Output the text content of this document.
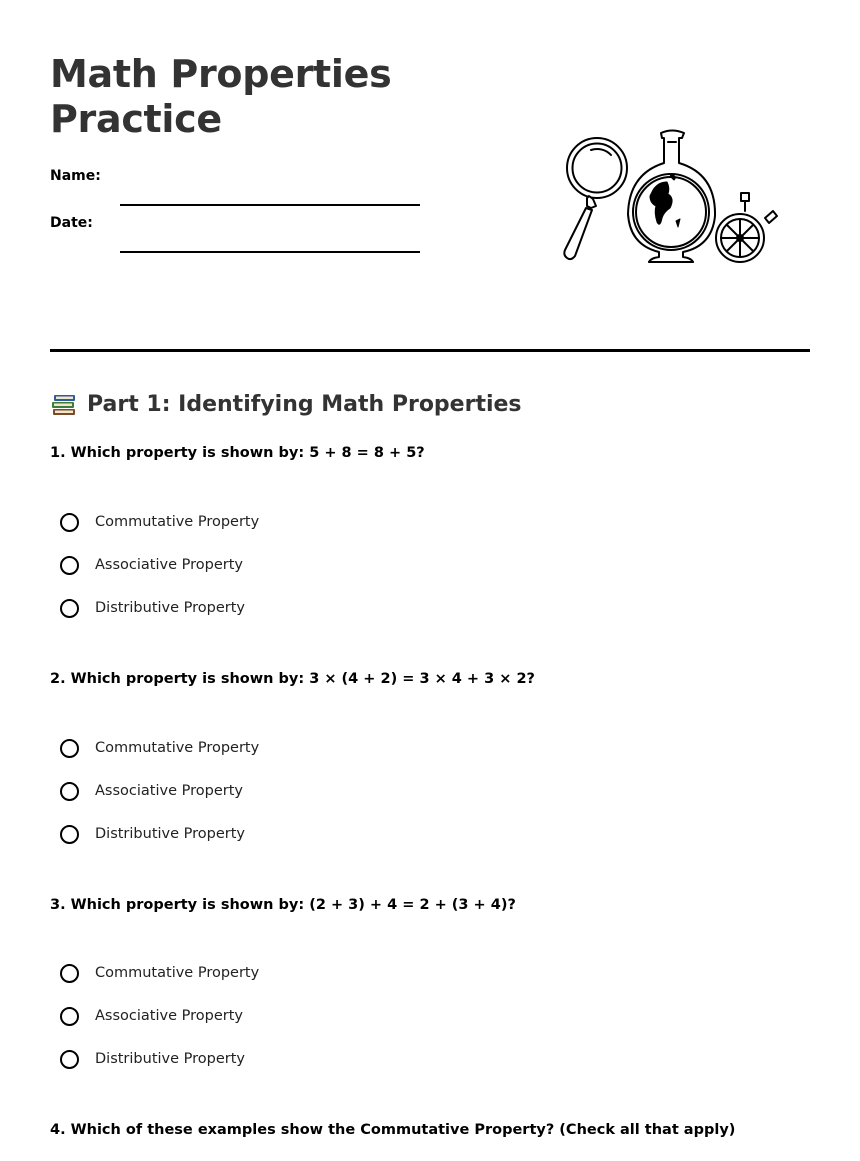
Math Properties
Practice
Name:
Date:
Part 1: Identifying Math Properties
1. Which property is shown by: 5 + 8 = 8 + 5?
Commutative Property
Associative Property
Distributive Property
2. Which property is shown by: 3 × (4 + 2) = 3 × 4 + 3 × 2?
Commutative Property
Associative Property
Distributive Property
3. Which property is shown by: (2 + 3) + 4 = 2 + (3 + 4)?
Commutative Property
Associative Property
Distributive Property
4. Which of these examples show the Commutative Property? (Check all that apply)
